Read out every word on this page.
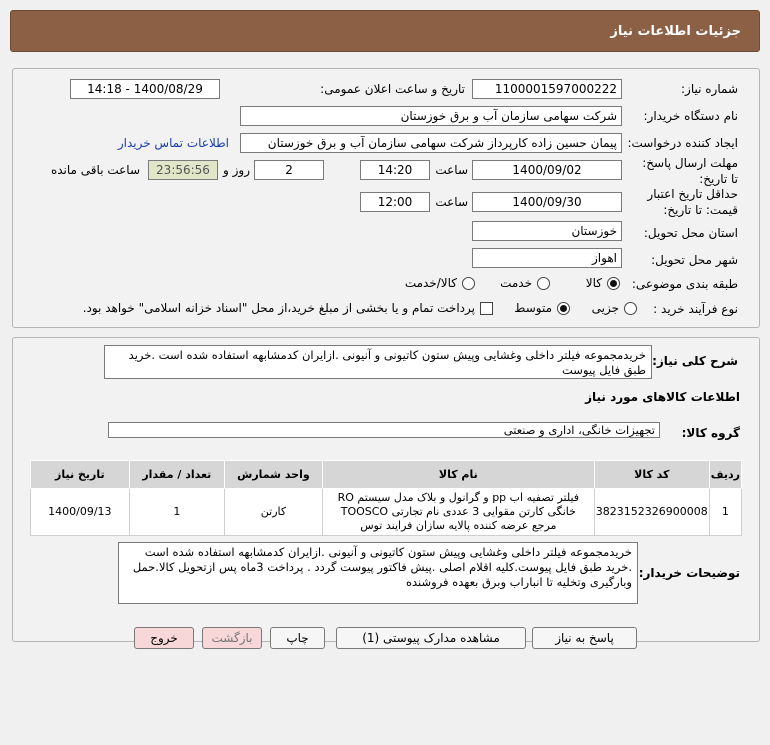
جزئیات اطلاعات نیاز
شماره نیاز:
1100001597000222
تاریخ و ساعت اعلان عمومی:
1400/08/29 - 14:18
نام دستگاه خریدار:
شرکت سهامی سازمان آب و برق خوزستان
ایجاد کننده درخواست:
پیمان حسین زاده کارپرداز شرکت سهامی سازمان آب و برق خوزستان
اطلاعات تماس خریدار
مهلت ارسال پاسخ: تا تاریخ:
1400/09/02
ساعت
14:20
2
روز و
23:56:56
ساعت باقی مانده
حداقل تاریخ اعتبار قیمت: تا تاریخ:
1400/09/30
ساعت
12:00
استان محل تحویل:
خوزستان
شهر محل تحویل:
اهواز
طبقه بندی موضوعی:
کالا
خدمت
کالا/خدمت
نوع فرآیند خرید :
جزیی
متوسط
پرداخت تمام و یا بخشی از مبلغ خرید،از محل "اسناد خزانه اسلامی" خواهد بود.
شرح کلی نیاز:
خریدمجموعه فیلتر داخلی وغشایی وپیش ستون کاتیونی و آنیونی .ازایران کدمشابهه استفاده شده است .خرید طبق فایل پیوست
اطلاعات کالاهای مورد نیاز
گروه کالا:
تجهیزات خانگی، اداری و صنعتی
ردیف	کد کالا	نام کالا	واحد شمارش	تعداد / مقدار	تاریخ نیاز
1	3823152326900008	فیلتر تصفیه اب pp و گرانول و بلاک مدل سیستم RO خانگی کارتن مقوایی 3 عددی نام تجارتی TOOSCO مرجع عرضه کننده پالایه سازان فرایند توس	کارتن	1	1400/09/13
توضیحات خریدار:
خریدمجموعه فیلتر داخلی وغشایی وپیش ستون کاتیونی و آنیونی .ازایران کدمشابهه استفاده شده است .خرید طبق فایل پیوست.کلیه اقلام اصلی .پیش فاکتور پیوست گردد . پرداخت 3ماه پس ازتحویل کالا.حمل وبارگیری وتخلیه تا انباراب وبرق بعهده فروشنده
پاسخ به نیاز
مشاهده مدارک پیوستی (1)
چاپ
بازگشت
خروج
